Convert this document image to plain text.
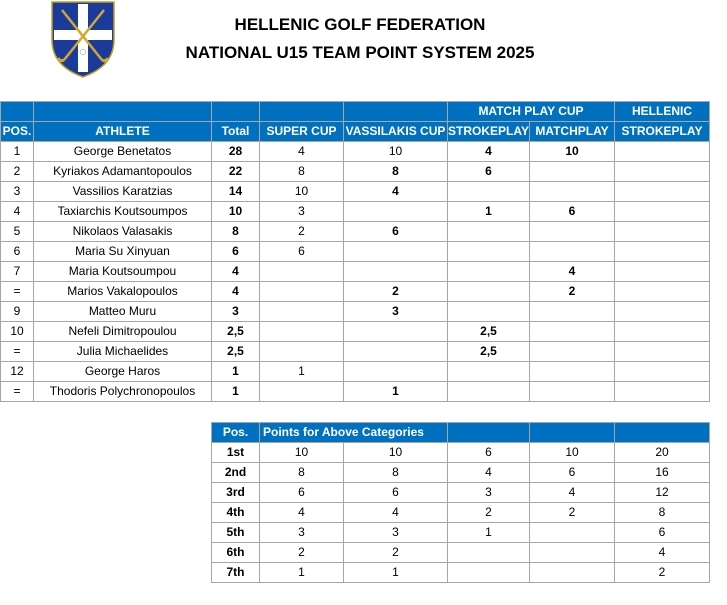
HELLENIC GOLF FEDERATION
NATIONAL U15 TEAM POINT SYSTEM 2025
					MATCH PLAY CUP		HELLENIC
POS.	ATHLETE	Total	SUPER CUP	VASSILAKIS CUP	STROKEPLAY	MATCHPLAY	STROKEPLAY
1	George Benetatos	28	4	10	4	10	
2	Kyriakos Adamantopoulos	22	8	8	6		
3	Vassilios Karatzias	14	10	4			
4	Taxiarchis Koutsoumpos	10	3		1	6	
5	Nikolaos Valasakis	8	2	6			
6	Maria Su Xinyuan	6	6				
7	Maria Koutsoumpou	4				4	
=	Marios Vakalopoulos	4		2		2	
9	Matteo Muru	3		3			
10	Nefeli Dimitropoulou	2,5			2,5		
=	Julia Michaelides	2,5			2,5		
12	George Haros	1	1				
=	Thodoris Polychronopoulos	1		1			
Pos.	Points for Above Categories				
1st	10	10	6	10	20
2nd	8	8	4	6	16
3rd	6	6	3	4	12
4th	4	4	2	2	8
5th	3	3	1		6
6th	2	2			4
7th	1	1			2
